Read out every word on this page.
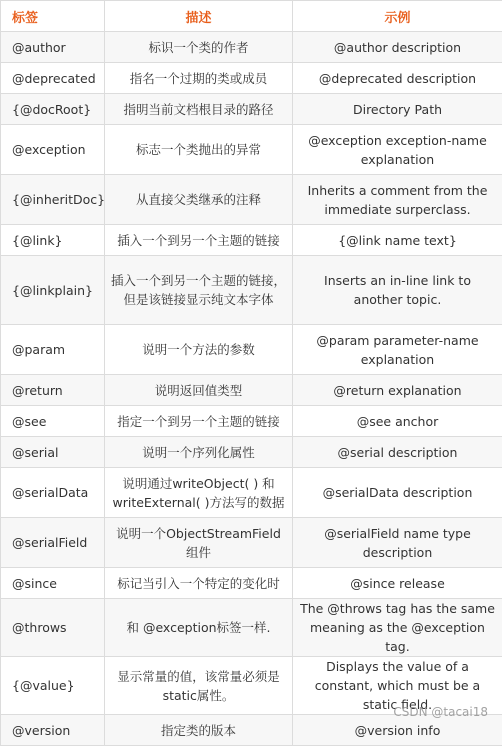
标签	描述	示例
@author	标识一个类的作者	@author description
@deprecated	指名一个过期的类或成员	@deprecated description
{@docRoot}	指明当前文档根目录的路径	Directory Path
@exception	标志一个类抛出的异常	@exception exception-name explanation
{@inheritDoc}	从直接父类继承的注释	Inherits a comment from the immediate surperclass.
{@link}	插入一个到另一个主题的链接	{@link name text}
{@linkplain}	插入一个到另一个主题的链接，但是该链接显示纯文本字体	Inserts an in-line link to another topic.
@param	说明一个方法的参数	@param parameter-name explanation
@return	说明返回值类型	@return explanation
@see	指定一个到另一个主题的链接	@see anchor
@serial	说明一个序列化属性	@serial description
@serialData	说明通过writeObject( ) 和 writeExternal( )方法写的数据	@serialData description
@serialField	说明一个ObjectStreamField组件	@serialField name type description
@since	标记当引入一个特定的变化时	@since release
@throws	和 @exception标签一样.	The @throws tag has the same meaning as the @exception tag.
{@value}	显示常量的值，该常量必须是static属性。	Displays the value of a constant, which must be a static field.
@version	指定类的版本	@version info
CSDN @tacai18
